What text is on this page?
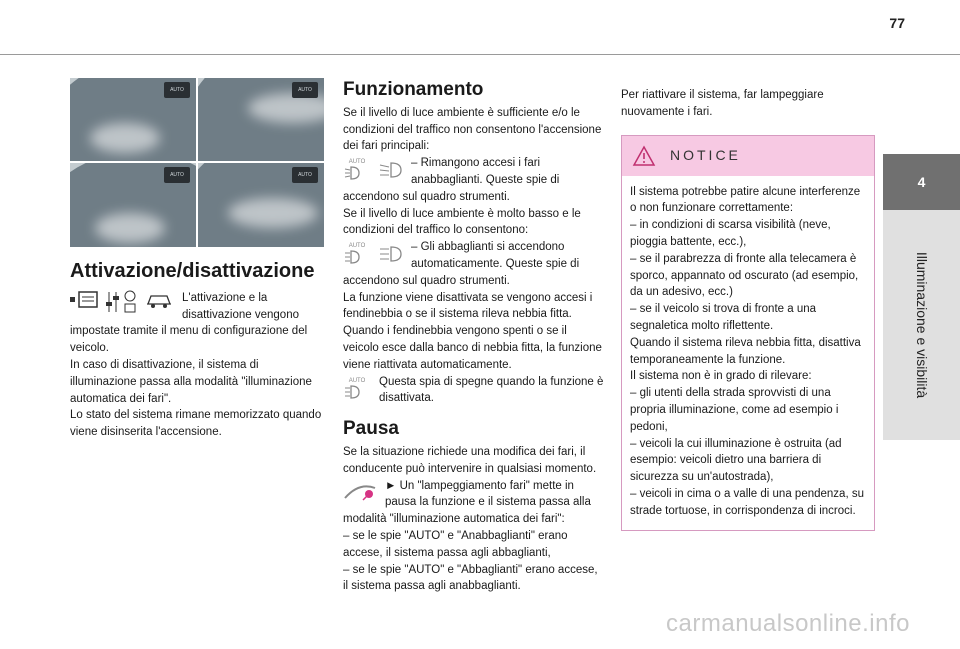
77
4
Illuminazione e visibilità
AUTO	AUTO
AUTO	AUTO
Attivazione/disattivazione

L'attivazione e la disattivazione vengono

impostate tramite il menu di configurazione del veicolo.

In caso di disattivazione, il sistema di illuminazione passa alla modalità "illuminazione automatica dei fari".

Lo stato del sistema rimane memorizzato quando viene disinserita l'accensione.

Funzionamento

Se il livello di luce ambiente è sufficiente e/o le condizioni del traffico non consentono l'accensione dei fari principali:

AUTO	– Rimangono accesi i fari anabbaglianti. Queste spie di

accendono sul quadro strumenti.

Se il livello di luce ambiente è molto basso e le condizioni del traffico lo consentono:

AUTO	– Gli abbaglianti si accendono automaticamente. Queste spie di

accendono sul quadro strumenti.

La funzione viene disattivata se vengono accesi i fendinebbia o se il sistema rileva nebbia fitta.

Quando i fendinebbia vengono spenti o se il veicolo esce dalla banco di nebbia fitta, la funzione viene riattivata automaticamente.

AUTO Questa spia di spegne quando la funzione è disattivata.

Pausa

Se la situazione richiede una modifica dei fari, il conducente può intervenire in qualsiasi momento.

► Un "lampeggiamento fari" mette in pausa la funzione e il sistema passa alla

modalità "illuminazione automatica dei fari":

– se le spie "AUTO" e "Anabbaglianti" erano accese, il sistema passa agli abbaglianti,

– se le spie "AUTO" e "Abbaglianti" erano accese, il sistema passa agli anabbaglianti.

Per riattivare il sistema, far lampeggiare nuovamente i fari.

NOTICE

Il sistema potrebbe patire alcune interferenze o non funzionare correttamente:

– in condizioni di scarsa visibilità (neve, pioggia battente, ecc.),

– se il parabrezza di fronte alla telecamera è sporco, appannato od oscurato (ad esempio, da un adesivo, ecc.)

– se il veicolo si trova di fronte a una segnaletica molto riflettente.

Quando il sistema rileva nebbia fitta, disattiva temporaneamente la funzione.

Il sistema non è in grado di rilevare:

– gli utenti della strada sprovvisti di una propria illuminazione, come ad esempio i pedoni,

– veicoli la cui illuminazione è ostruita (ad esempio: veicoli dietro una barriera di sicurezza su un'autostrada),

– veicoli in cima o a valle di una pendenza, su strade tortuose, in corrispondenza di incroci.

carmanualsonline.info
